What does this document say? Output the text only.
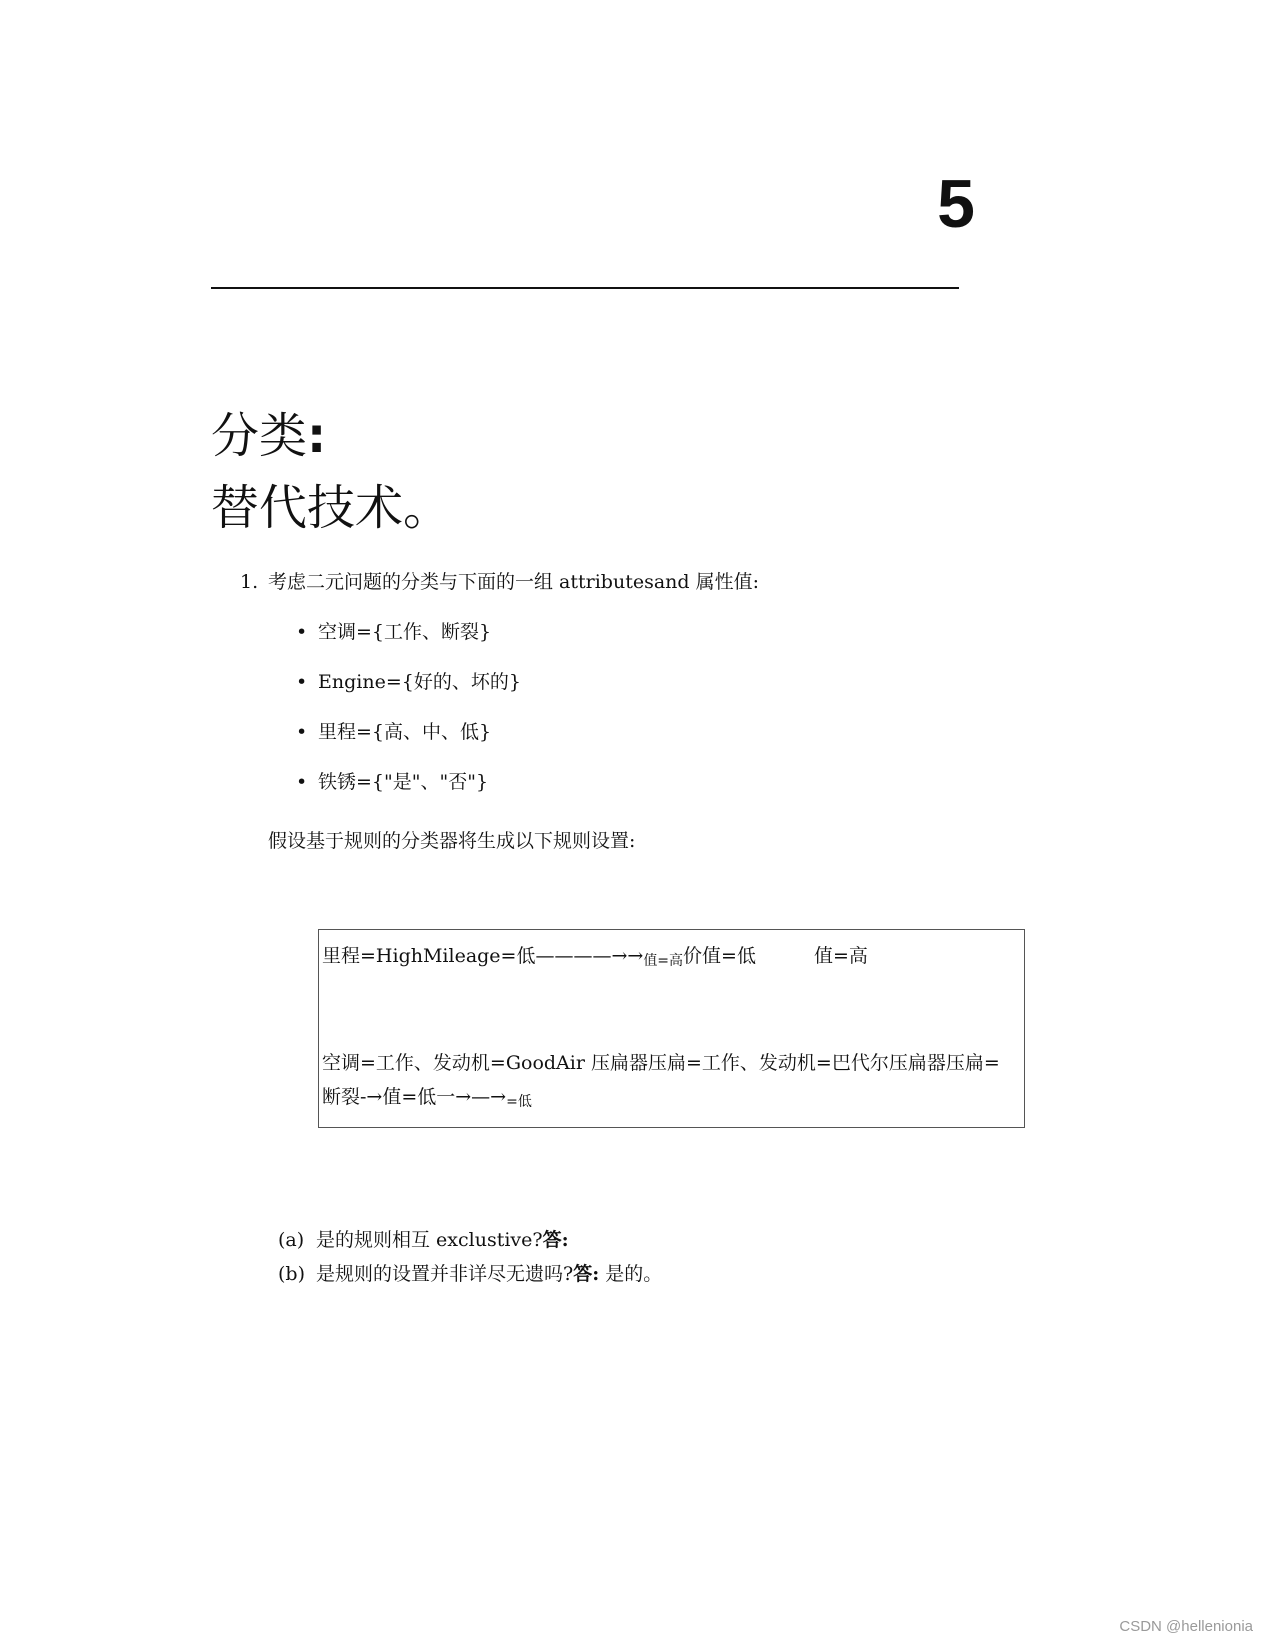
5
分类:
替代技术。
1. 考虑二元问题的分类与下面的一组 attributesand 属性值:
• 空调={工作、断裂}
• Engine={好的、坏的}
• 里程={高、中、低}
• 铁锈={"是"、"否"}
假设基于规则的分类器将生成以下规则设置:
里程=HighMileage=低$————\to\to_{值=高}$价值=低	值=高
空调=工作、发动机=GoodAir 压扁器压扁=工作、发动机=巴代尔压扁器压扁=
断裂-→值=低一$\to—\to_{=低}$
(a) 是的规则相互 exclustive?答:
(b) 是规则的设置并非详尽无遗吗?答: 是的。
CSDN @hellenionia
